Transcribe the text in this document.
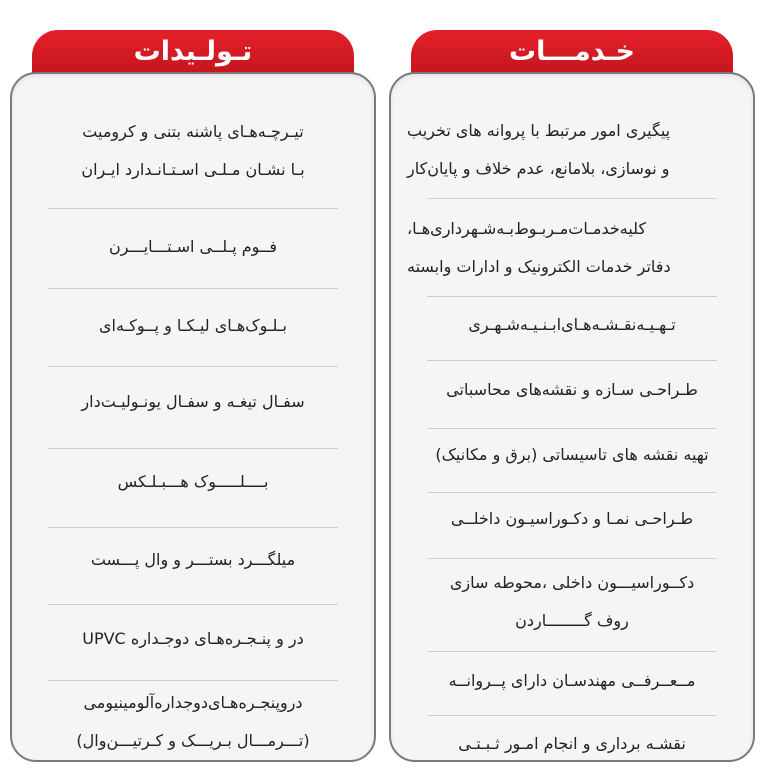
تـولـیدات
تیـرچـه‌هـای پاشنه بتنی و کرومیت
بـا نشـان مـلـی اسـتـانـدارد ایـران
فــوم پـلــی اسـتـــایـــرن
بـلـوک‌هـای لیـکـا و پــوکـه‌ای
سفـال تیغـه و سفـال یونـولیـت‌دار
بــــلـــــوک هـــبـلـکس
میلگـــرد بستـــر و وال پـــست
در و پنـجـره‌هـای دوجـداره UPVC
دروپنجـره‌هـای‌دوجداره‌آلومینیومی
(تـــرمـــال بـریـــک و کـرتیـــن‌وال)
خـدمـــات
پیگیری امور مرتبط با پروانه های تخریب
و نوسازی، بلامانع، عدم خلاف و پایان‌کار
کلیه‌خدمـات‌مـربـوط‌بـه‌شـهرداری‌هـا،
دفاتر خدمات الکترونیک و ادارات وابسته
تـهـیـه‌نقـشـه‌هـای‌ابـنـیـه‌شـهـری
طـراحـی سـازه و نقشه‌های محاسباتی
تهیه نقشه های تاسیساتی (برق و مکانیک)
طـراحـی نمـا و دکـوراسیـون داخلــی
دکــوراسیـــون داخلی ،محوطه سازی
روف گــــــــاردن
مــعــرفــی مهندسـان دارای پــروانــه
نقشـه برداری و انجام امـور ثـبـتـی
